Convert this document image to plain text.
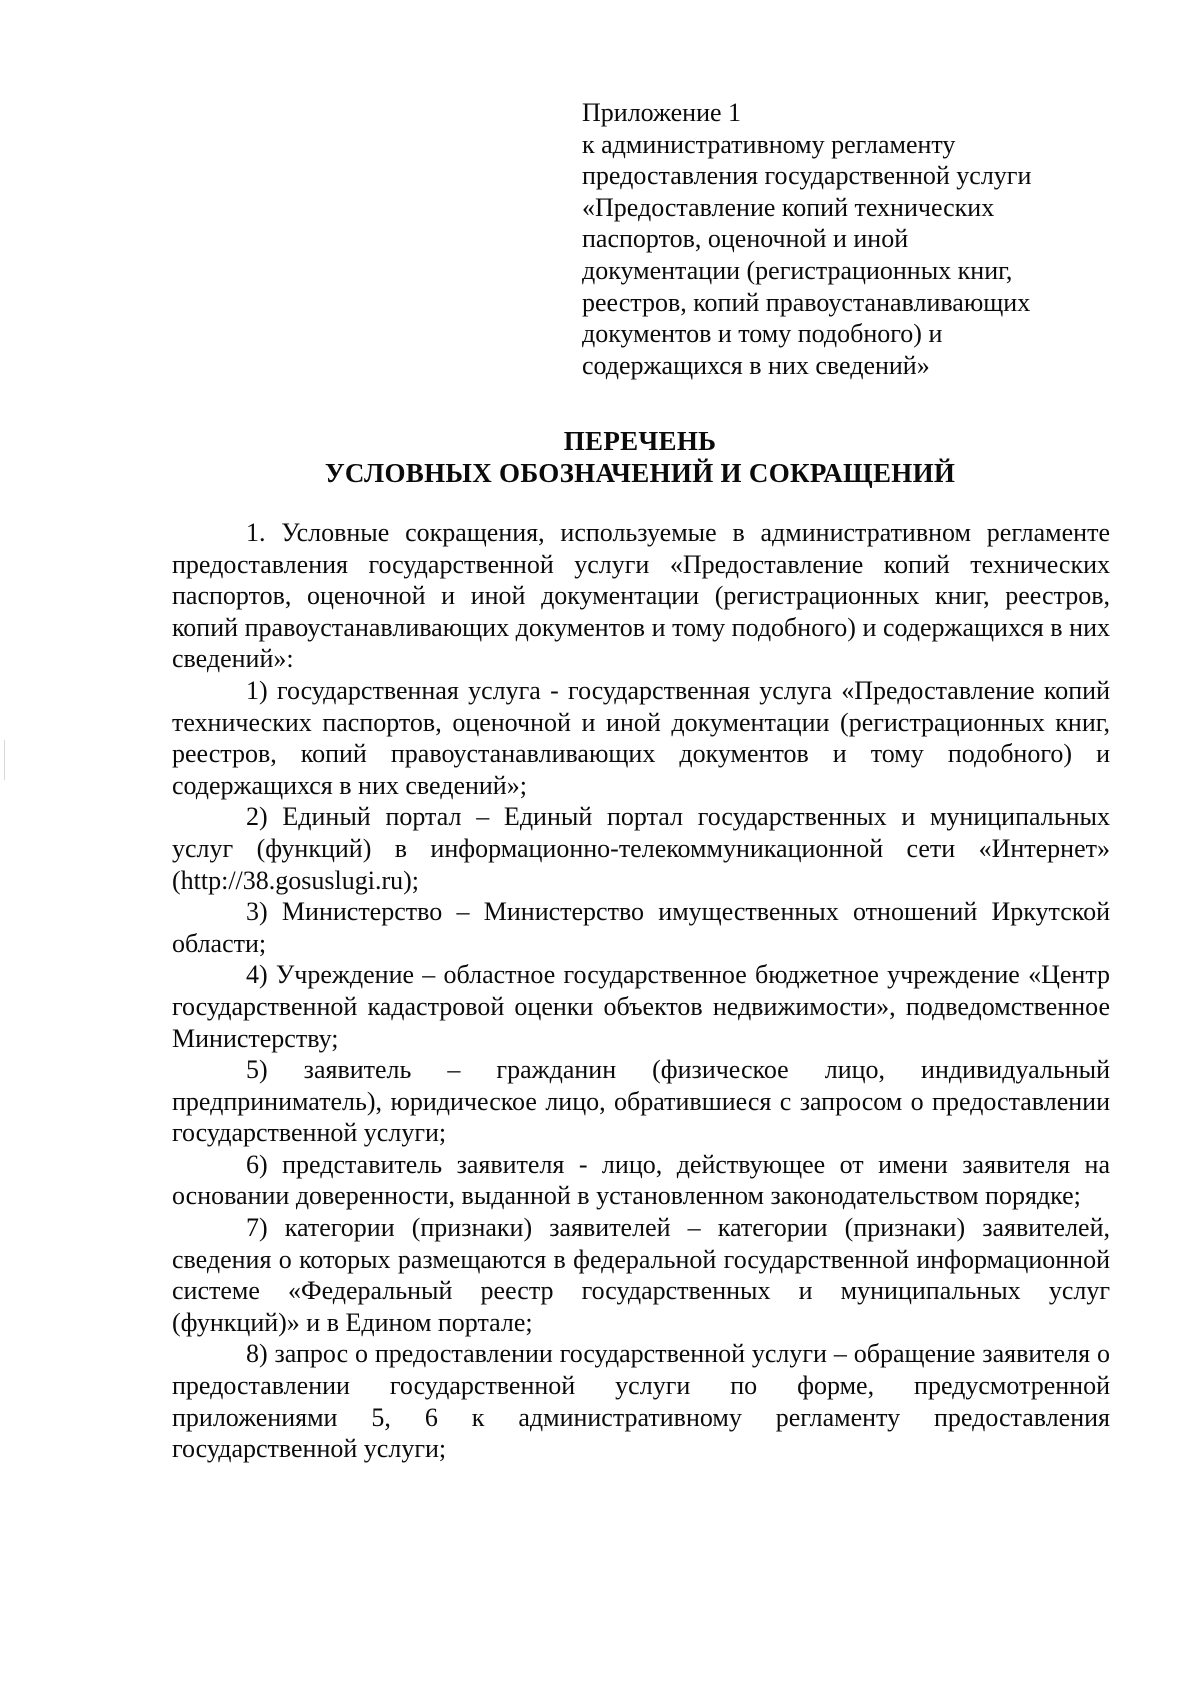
Приложение 1
к административному регламенту
предоставления государственной услуги
«Предоставление копий технических
паспортов, оценочной и иной
документации (регистрационных книг,
реестров, копий правоустанавливающих
документов и тому подобного) и
содержащихся в них сведений»
ПЕРЕЧЕНЬ
УСЛОВНЫХ ОБОЗНАЧЕНИЙ И СОКРАЩЕНИЙ

1. Условные сокращения, используемые в административном регламенте предоставления государственной услуги «Предоставление копий технических паспортов, оценочной и иной документации (регистрационных книг, реестров, копий правоустанавливающих документов и тому подобного) и содержащихся в них сведений»:

1) государственная услуга - государственная услуга «Предоставление копий технических паспортов, оценочной и иной документации (регистрационных книг, реестров, копий правоустанавливающих документов и тому подобного) и содержащихся в них сведений»;

2) Единый портал – Единый портал государственных и муниципальных услуг (функций) в информационно-телекоммуникационной сети «Интернет» (http://38.gosuslugi.ru);

3) Министерство – Министерство имущественных отношений Иркутской области;

4) Учреждение – областное государственное бюджетное учреждение «Центр государственной кадастровой оценки объектов недвижимости», подведомственное Министерству;

5) заявитель – гражданин (физическое лицо, индивидуальный предприниматель), юридическое лицо, обратившиеся с запросом о предоставлении государственной услуги;

6) представитель заявителя - лицо, действующее от имени заявителя на основании доверенности, выданной в установленном законодательством порядке;

7) категории (признаки) заявителей – категории (признаки) заявителей, сведения о которых размещаются в федеральной государственной информационной системе «Федеральный реестр государственных и муниципальных услуг (функций)» и в Едином портале;

8) запрос о предоставлении государственной услуги – обращение заявителя о предоставлении государственной услуги по форме, предусмотренной приложениями 5, 6 к административному регламенту предоставления государственной услуги;
